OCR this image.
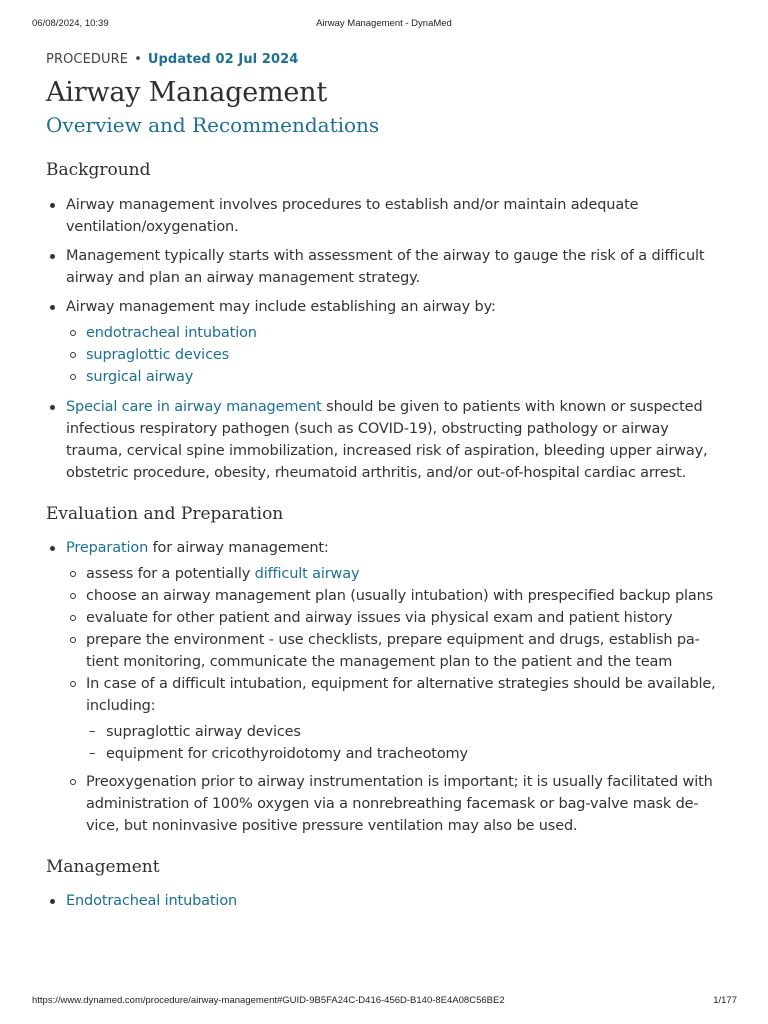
06/08/2024, 10:39	Airway Management - DynaMed
PROCEDURE • Updated 02 Jul 2024
Airway Management
Overview and Recommendations
Background
Airway management involves procedures to establish and/or maintain adequate ventilation/oxygenation.
Management typically starts with assessment of the airway to gauge the risk of a difficult airway and plan an airway management strategy.
Airway management may include establishing an airway by:
endotracheal intubation
supraglottic devices
surgical airway
Special care in airway management should be given to patients with known or suspected infectious respiratory pathogen (such as COVID-19), obstructing pathology or airway trauma, cervical spine immobilization, increased risk of aspiration, bleeding upper airway, obstetric procedure, obesity, rheumatoid arthritis, and/or out-of-hospital cardiac arrest.
Evaluation and Preparation
Preparation for airway management:
assess for a potentially difficult airway
choose an airway management plan (usually intubation) with prespecified backup plans
evaluate for other patient and airway issues via physical exam and patient history
prepare the environment - use checklists, prepare equipment and drugs, establish pa-
tient monitoring, communicate the management plan to the patient and the team
In case of a difficult intubation, equipment for alternative strategies should be available, including:
– supraglottic airway devices
– equipment for cricothyroidotomy and tracheotomy
Preoxygenation prior to airway instrumentation is important; it is usually facilitated with
administration of 100% oxygen via a nonrebreathing facemask or bag-valve mask de-
vice, but noninvasive positive pressure ventilation may also be used.
Management
Endotracheal intubation
https://www.dynamed.com/procedure/airway-management#GUID-9B5FA24C-D416-456D-B140-8E4A08C56BE2	1/177
